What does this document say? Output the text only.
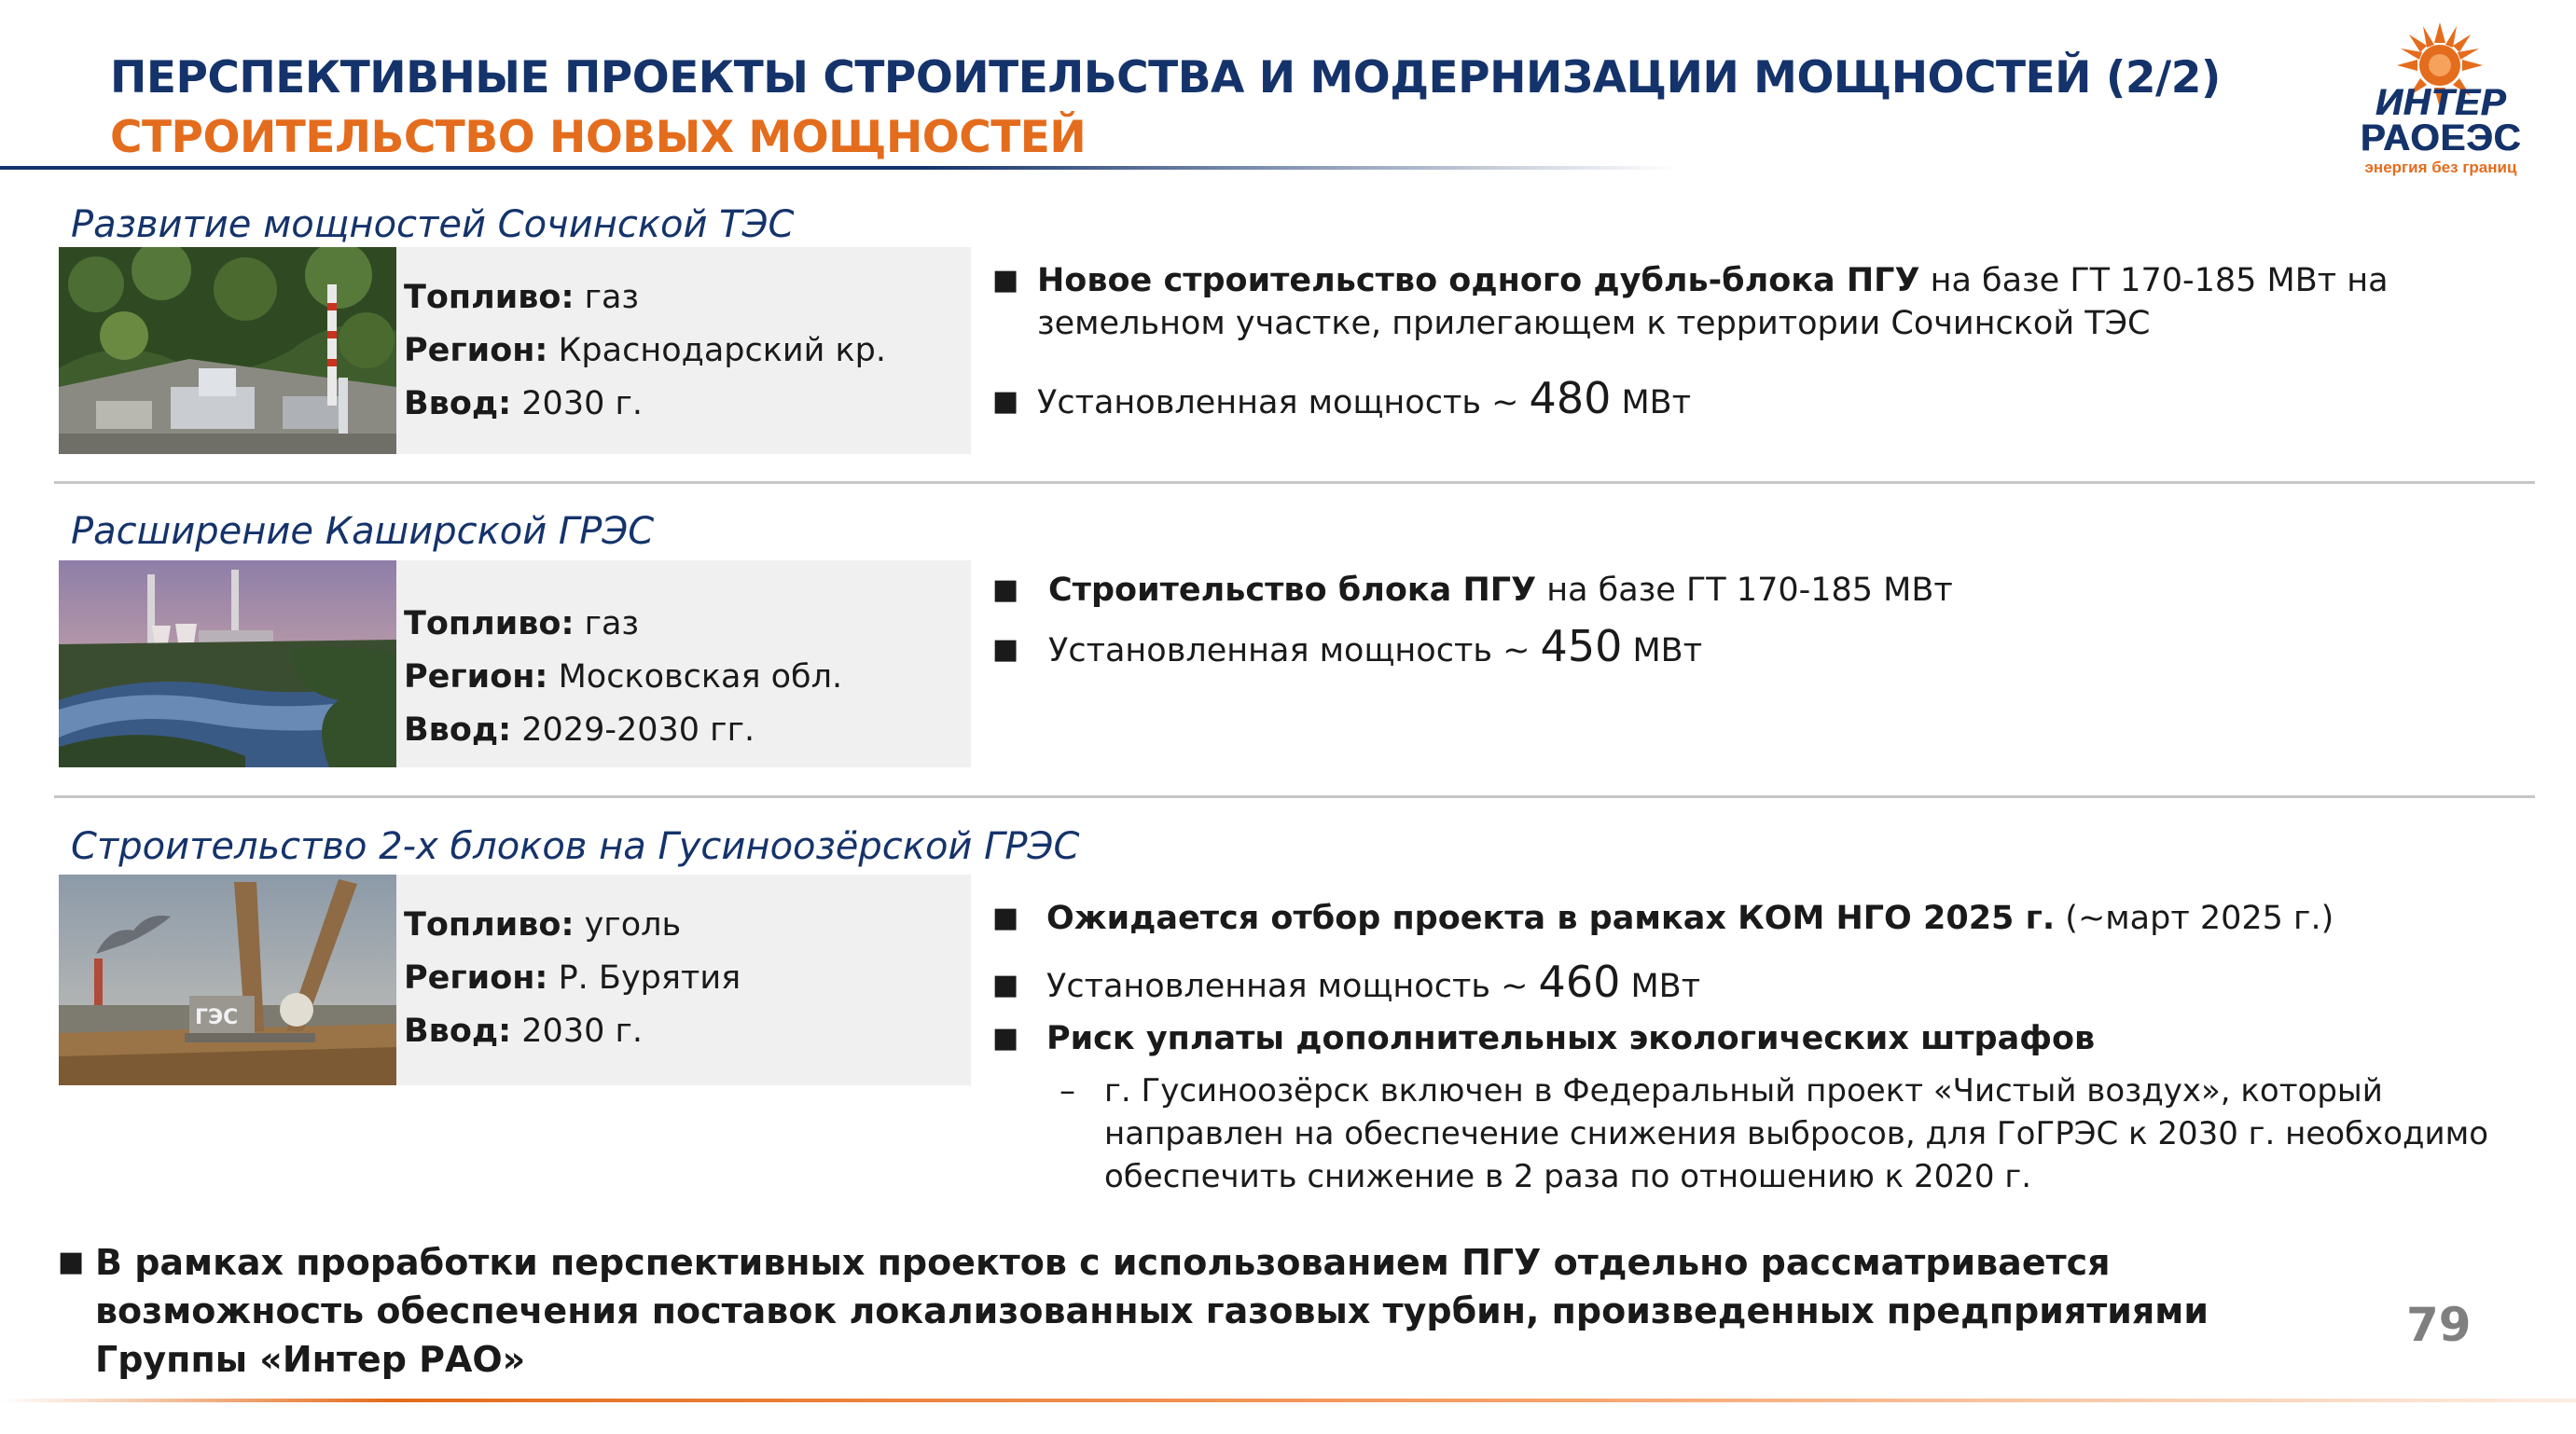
ПЕРСПЕКТИВНЫЕ ПРОЕКТЫ СТРОИТЕЛЬСТВА И МОДЕРНИЗАЦИИ МОЩНОСТЕЙ (2/2)
СТРОИТЕЛЬСТВО НОВЫХ МОЩНОСТЕЙ
ИНТЕР
РАОЕЭС
энергия без границ
Развитие мощностей Сочинской ТЭС
Топливо: газ
Регион: Краснодарский кр.
Ввод: 2030 г.
■ Новое строительство одного дубль-блока ПГУ на базе ГТ 170-185 МВт на земельном участке, прилегающем к территории Сочинской ТЭС
■ Установленная мощность ~ 480 МВт
Расширение Каширской ГРЭС
Топливо: газ
Регион: Московская обл.
Ввод: 2029-2030 гг.
■ Строительство блока ПГУ на базе ГТ 170-185 МВт
■ Установленная мощность ~ 450 МВт
Строительство 2-х блоков на Гусиноозёрской ГРЭС
ГЭС
Топливо: уголь
Регион: Р. Бурятия
Ввод: 2030 г.
■ Ожидается отбор проекта в рамках КОМ НГО 2025 г. (~март 2025 г.)
■ Установленная мощность ~ 460 МВт
■ Риск уплаты дополнительных экологических штрафов
– г. Гусиноозёрск включен в Федеральный проект «Чистый воздух», который направлен на обеспечение снижения выбросов, для ГоГРЭС к 2030 г. необходимо обеспечить снижение в 2 раза по отношению к 2020 г.
■ В рамках проработки перспективных проектов с использованием ПГУ отдельно рассматривается возможность обеспечения поставок локализованных газовых турбин, произведенных предприятиями Группы «Интер РАО»
79
